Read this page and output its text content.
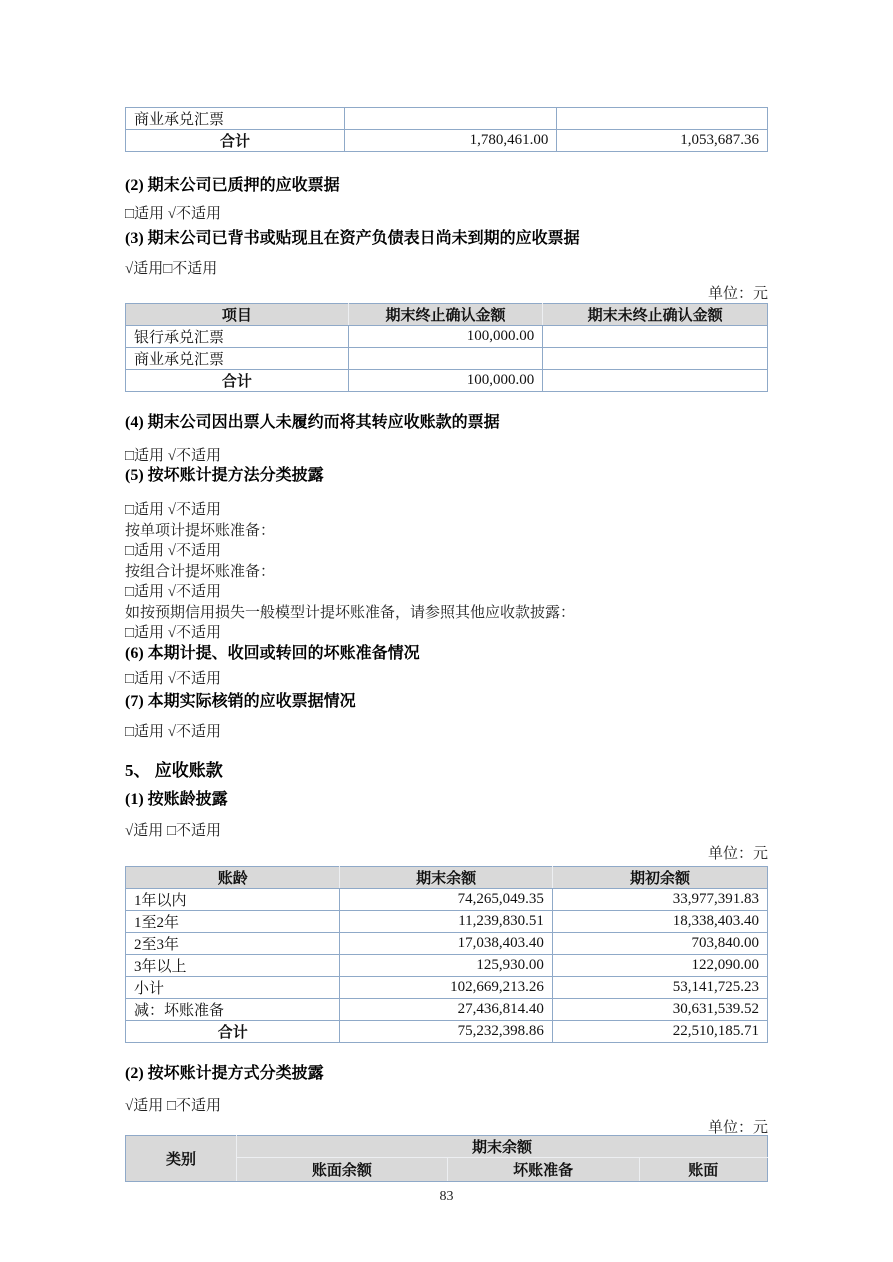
商业承兑汇票		
合计	1,780,461.00	1,053,687.36
(2) 期末公司已质押的应收票据
□适用 √不适用
(3) 期末公司已背书或贴现且在资产负债表日尚未到期的应收票据
√适用□不适用
单位：元
项目	期末终止确认金额	期末未终止确认金额
银行承兑汇票	100,000.00	
商业承兑汇票		
合计	100,000.00	
(4) 期末公司因出票人未履约而将其转应收账款的票据
□适用 √不适用
(5) 按坏账计提方法分类披露
□适用 √不适用
按单项计提坏账准备：
□适用 √不适用
按组合计提坏账准备：
□适用 √不适用
如按预期信用损失一般模型计提坏账准备，请参照其他应收款披露：
□适用 √不适用
(6) 本期计提、收回或转回的坏账准备情况
□适用 √不适用
(7) 本期实际核销的应收票据情况
□适用 √不适用
5、 应收账款
(1) 按账龄披露
√适用 □不适用
单位：元
账龄	期末余额	期初余额
1年以内	74,265,049.35	33,977,391.83
1至2年	11,239,830.51	18,338,403.40
2至3年	17,038,403.40	703,840.00
3年以上	125,930.00	122,090.00
小计	102,669,213.26	53,141,725.23
减：坏账准备	27,436,814.40	30,631,539.52
合计	75,232,398.86	22,510,185.71
(2) 按坏账计提方式分类披露
√适用 □不适用
单位：元
类别	期末余额		
	账面余额	坏账准备	账面
83
